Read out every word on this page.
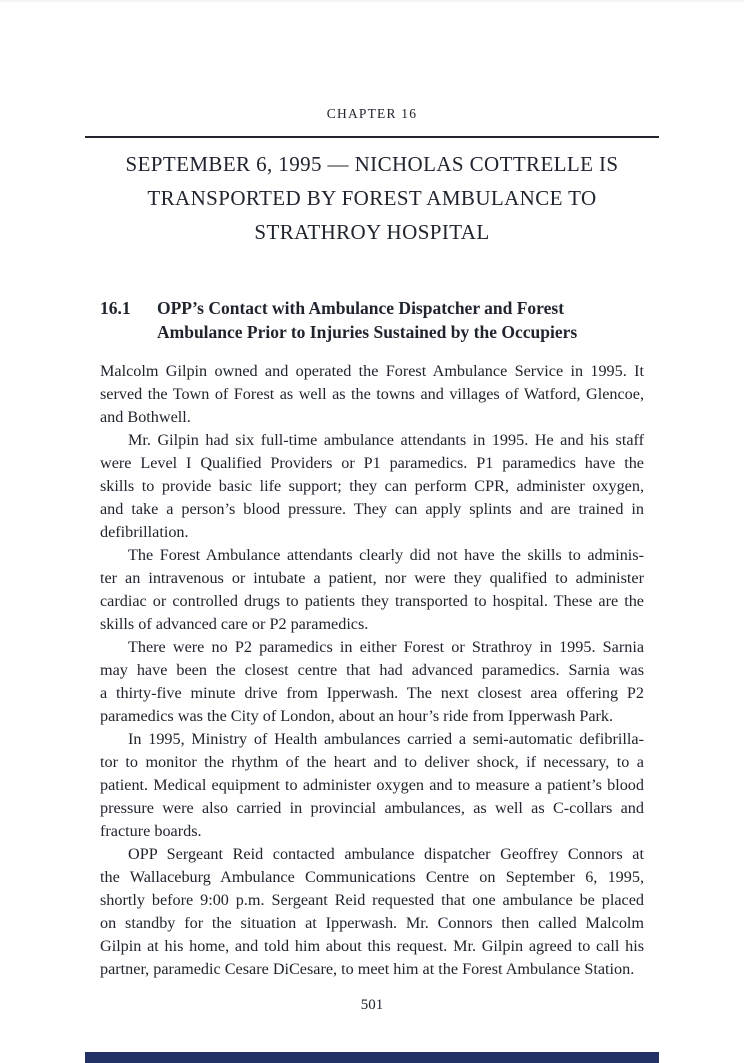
CHAPTER 16
SEPTEMBER 6, 1995 — NICHOLAS COTTRELLE IS
TRANSPORTED BY FOREST AMBULANCE TO
STRATHROY HOSPITAL
16.1	OPP’s Contact with Ambulance Dispatcher and Forest
Ambulance Prior to Injuries Sustained by the Occupiers
Malcolm Gilpin owned and operated the Forest Ambulance Service in 1995. It
served the Town of Forest as well as the towns and villages of Watford, Glencoe,
and Bothwell.
Mr. Gilpin had six full-time ambulance attendants in 1995. He and his staff
were Level I Qualified Providers or P1 paramedics. P1 paramedics have the
skills to provide basic life support; they can perform CPR, administer oxygen,
and take a person’s blood pressure. They can apply splints and are trained in
defibrillation.
The Forest Ambulance attendants clearly did not have the skills to adminis-
ter an intravenous or intubate a patient, nor were they qualified to administer
cardiac or controlled drugs to patients they transported to hospital. These are the
skills of advanced care or P2 paramedics.
There were no P2 paramedics in either Forest or Strathroy in 1995. Sarnia
may have been the closest centre that had advanced paramedics. Sarnia was
a thirty-five minute drive from Ipperwash. The next closest area offering P2
paramedics was the City of London, about an hour’s ride from Ipperwash Park.
In 1995, Ministry of Health ambulances carried a semi-automatic defibrilla-
tor to monitor the rhythm of the heart and to deliver shock, if necessary, to a
patient. Medical equipment to administer oxygen and to measure a patient’s blood
pressure were also carried in provincial ambulances, as well as C-collars and
fracture boards.
OPP Sergeant Reid contacted ambulance dispatcher Geoffrey Connors at
the Wallaceburg Ambulance Communications Centre on September 6, 1995,
shortly before 9:00 p.m. Sergeant Reid requested that one ambulance be placed
on standby for the situation at Ipperwash. Mr. Connors then called Malcolm
Gilpin at his home, and told him about this request. Mr. Gilpin agreed to call his
partner, paramedic Cesare DiCesare, to meet him at the Forest Ambulance Station.
501
